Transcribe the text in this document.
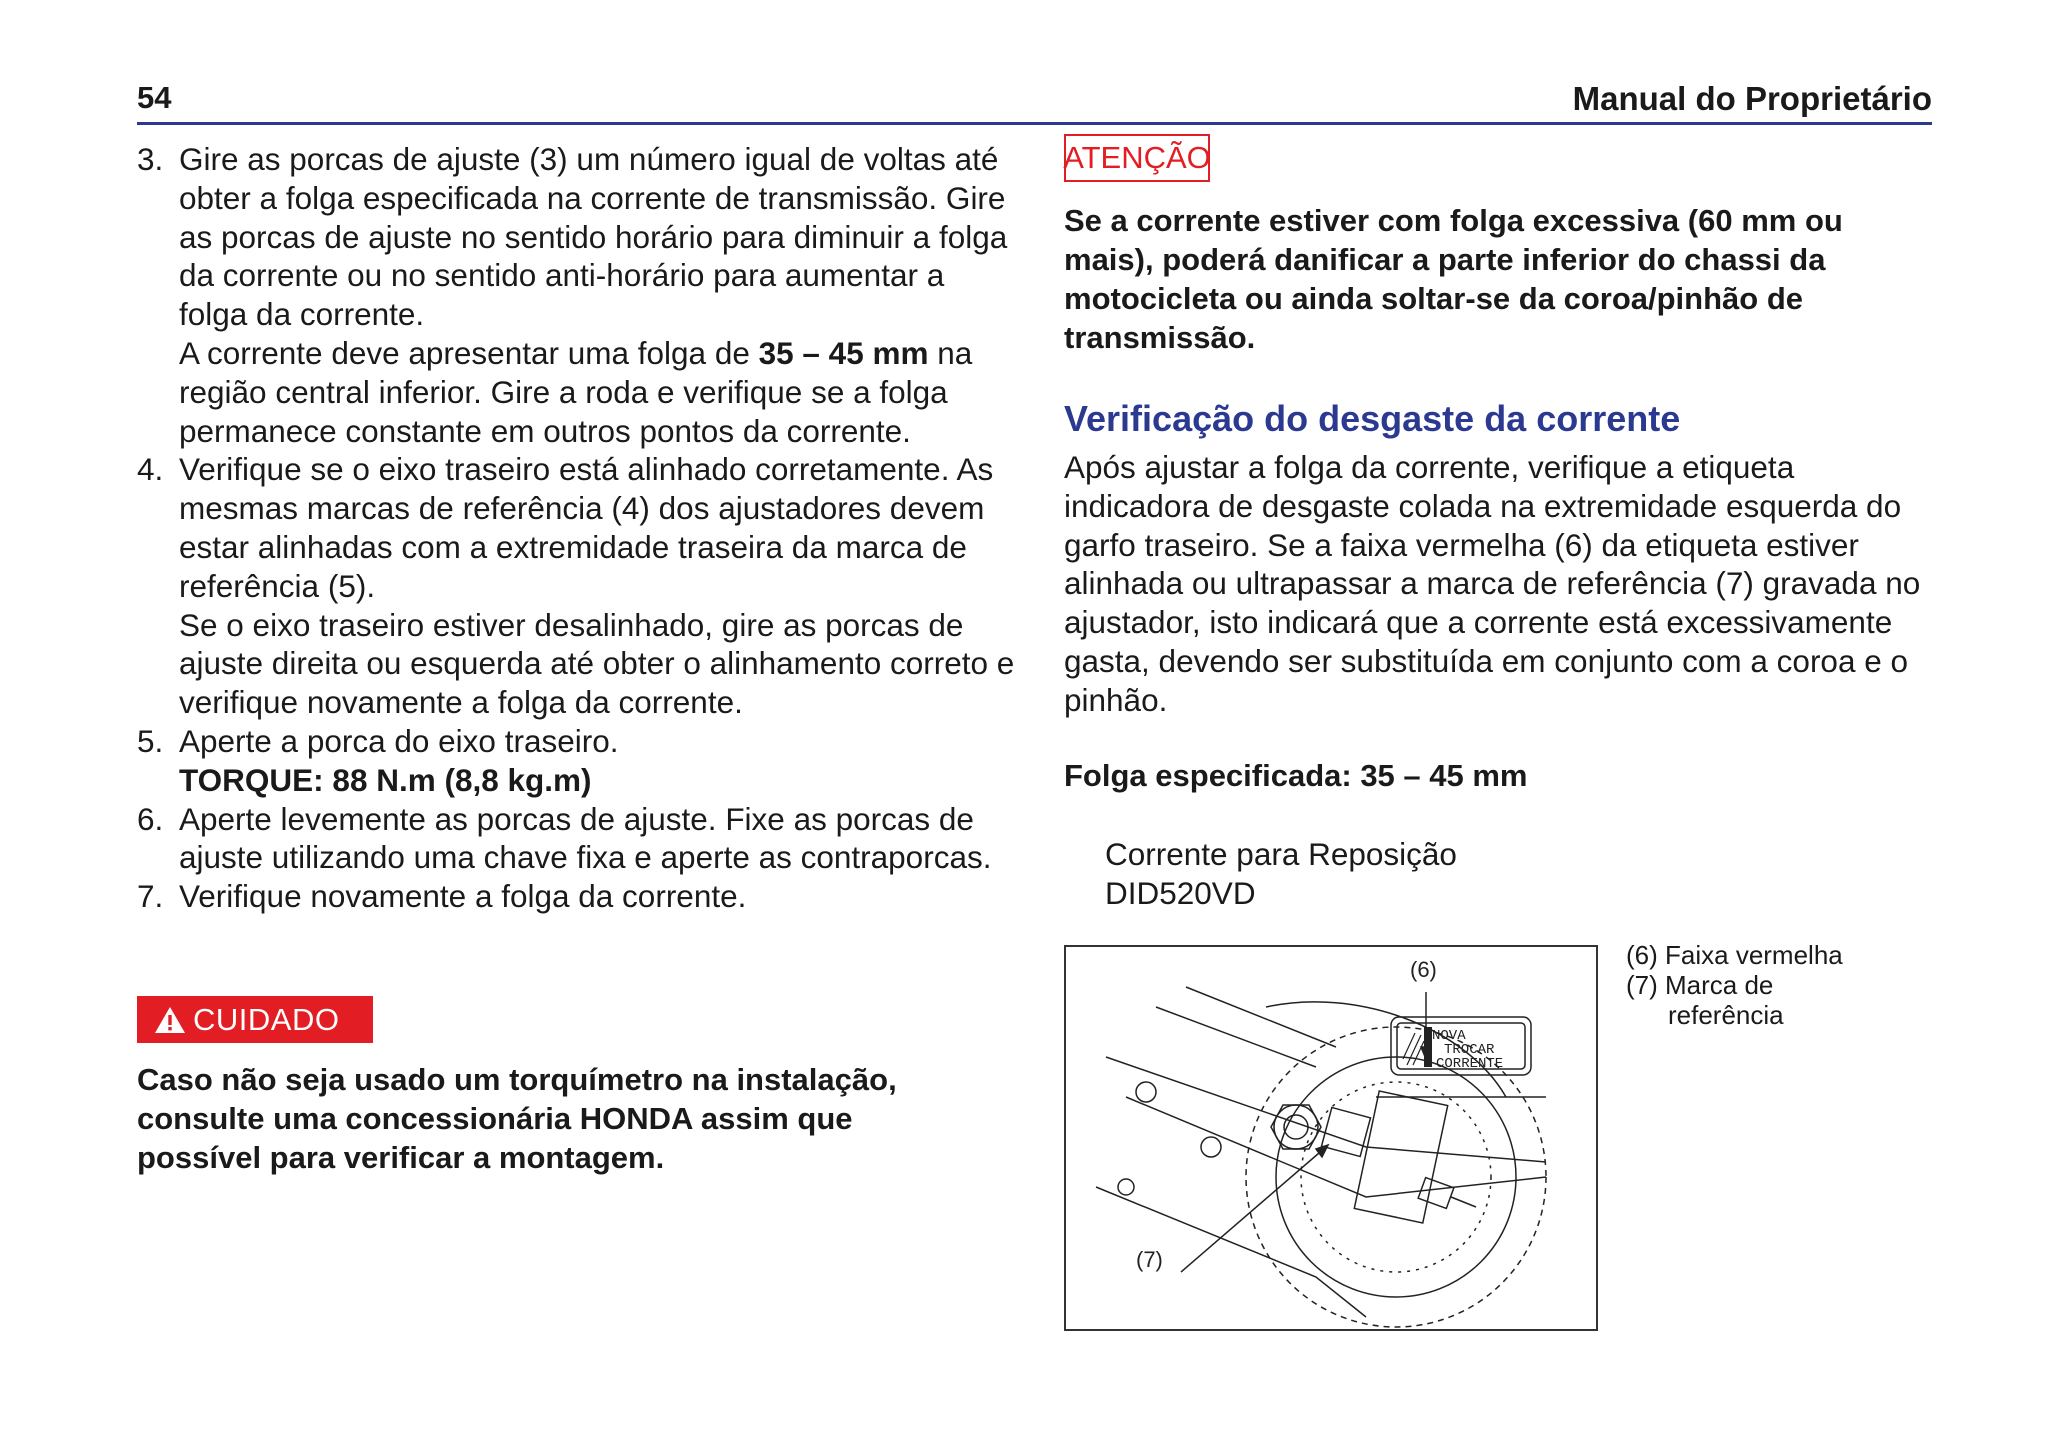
54	Manual do Proprietário
3. Gire as porcas de ajuste (3) um número igual de voltas até obter a folga especificada na corrente de transmissão. Gire as porcas de ajuste no sentido horário para diminuir a folga da corrente ou no sentido anti-horário para aumentar a folga da corrente.

A corrente deve apresentar uma folga de 35 – 45 mm na região central inferior. Gire a roda e verifique se a folga permanece constante em outros pontos da corrente.

4. Verifique se o eixo traseiro está alinhado corretamente. As mesmas marcas de referência (4) dos ajustadores devem estar alinhadas com a extremidade traseira da marca de referência (5).

Se o eixo traseiro estiver desalinhado, gire as porcas de ajuste direita ou esquerda até obter o alinhamento correto e verifique novamente a folga da corrente.

5. Aperte a porca do eixo traseiro.

TORQUE: 88 N.m (8,8 kg.m)

6. Aperte levemente as porcas de ajuste. Fixe as porcas de ajuste utilizando uma chave fixa e aperte as contraporcas.

7. Verifique novamente a folga da corrente.

CUIDADO
Caso não seja usado um torquímetro na instalação, consulte uma concessionária HONDA assim que possível para verificar a montagem.
ATENÇÃO
Se a corrente estiver com folga excessiva (60 mm ou mais), poderá danificar a parte inferior do chassi da motocicleta ou ainda soltar-se da coroa/pinhão de transmissão.
Verificação do desgaste da corrente
Após ajustar a folga da corrente, verifique a etiqueta indicadora de desgaste colada na extremidade esquerda do garfo traseiro. Se a faixa vermelha (6) da etiqueta estiver alinhada ou ultrapassar a marca de referência (7) gravada no ajustador, isto indicará que a corrente está excessivamente gasta, devendo ser substituída em conjunto com a coroa e o pinhão.
Folga especificada: 35 – 45 mm
Corrente para Reposição
DID520VD
(6)
(7)
NOVA
TROCAR
CORRENTE
(6) Faixa vermelha
(7) Marca de
referência
